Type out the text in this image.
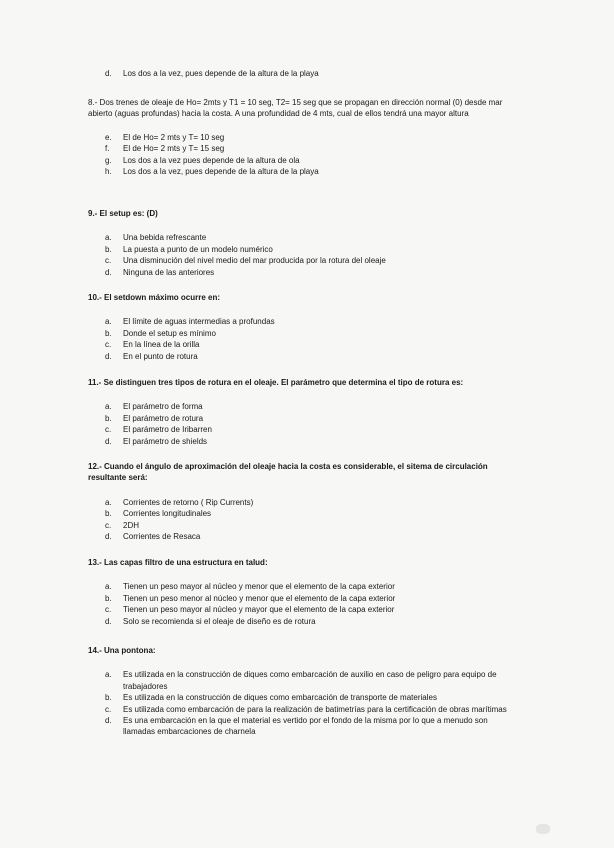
d.	Los dos a la vez, pues depende de la altura de la playa

8.- Dos trenes de oleaje de Ho= 2mts y T1 = 10 seg, T2= 15 seg que se propagan en dirección normal (0) desde mar abierto (aguas profundas) hacia la costa. A una profundidad de 4 mts, cual de ellos tendrá una mayor altura

e.	El de Ho= 2 mts y T= 10 seg
f.	El de Ho= 2 mts y T= 15 seg
g.	Los dos a la vez pues depende de la altura de ola
h.	Los dos a la vez, pues depende de la altura de la playa

9.- El setup es: (D)

a.	Una bebida refrescante
b.	La puesta a punto de un modelo numérico
c.	Una disminución del nivel medio del mar producida por la rotura del oleaje
d.	Ninguna de las anteriores

10.- El setdown máximo ocurre en:

a.	El límite de aguas intermedias a profundas
b.	Donde el setup es mínimo
c.	En la línea de la orilla
d.	En el punto de rotura

11.- Se distinguen tres tipos de rotura en el oleaje. El parámetro que determina el tipo de rotura es:

a.	El parámetro de forma
b.	El parámetro de rotura
c.	El parámetro de Iribarren
d.	El parámetro de shields

12.- Cuando el ángulo de aproximación del oleaje hacia la costa es considerable, el sitema de circulación resultante será:

a.	Corrientes de retorno ( Rip Currents)
b.	Corrientes longitudinales
c.	2DH
d.	Corrientes de Resaca

13.- Las capas filtro de una estructura en talud:

a.	Tienen un peso mayor al núcleo y menor que el elemento de la capa exterior
b.	Tienen un peso menor al núcleo y menor que el elemento de la capa exterior
c.	Tienen un peso mayor al núcleo y mayor que el elemento de la capa exterior
d.	Solo se recomienda si el oleaje de diseño es de rotura

14.- Una pontona:

a.	Es utilizada en la construcción de diques como embarcación de auxilio en caso de peligro para equipo de trabajadores
b.	Es utilizada en la construcción de diques como embarcación de transporte de materiales
c.	Es utilizada como embarcación de para la realización de batimetrías para la certificación de obras marítimas
d.	Es una embarcación en la que el material es vertido por el fondo de la misma por lo que a menudo son llamadas embarcaciones de charnela
